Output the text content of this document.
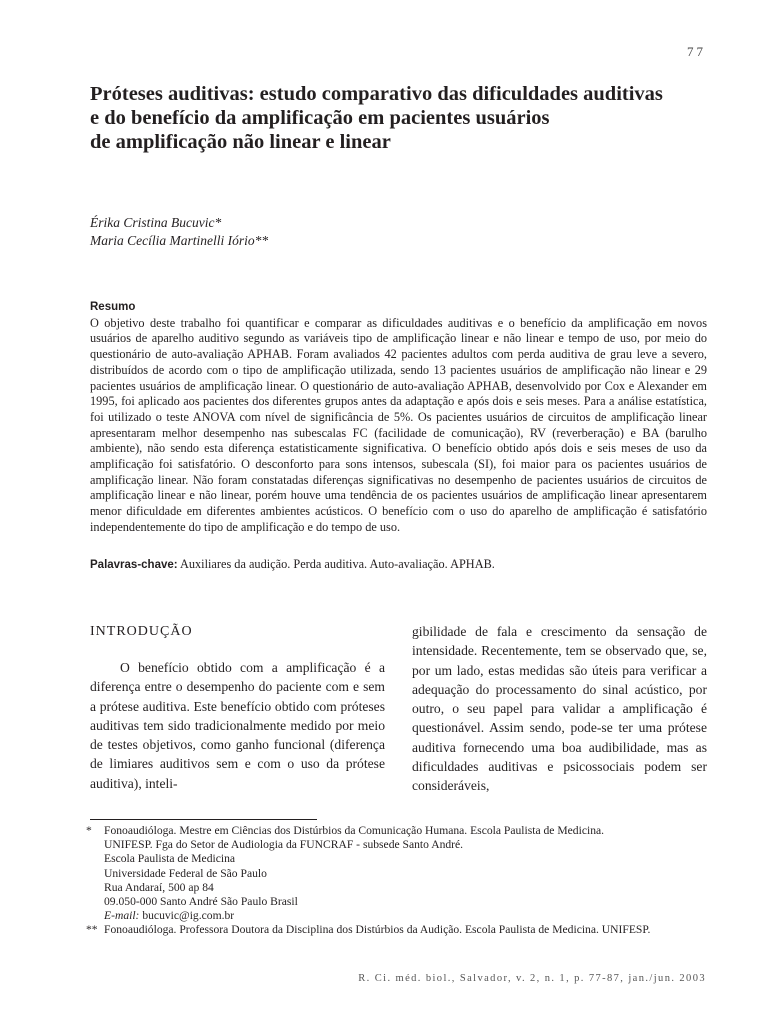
77
Próteses auditivas: estudo comparativo das dificuldades auditivas
e do benefício da amplificação em pacientes usuários
de amplificação não linear e linear
Érika Cristina Bucuvic*
Maria Cecília Martinelli Iório**
Resumo

O objetivo deste trabalho foi quantificar e comparar as dificuldades auditivas e o benefício da amplificação em novos usuários de aparelho auditivo segundo as variáveis tipo de amplificação linear e não linear e tempo de uso, por meio do questionário de auto-avaliação APHAB. Foram avaliados 42 pacientes adultos com perda auditiva de grau leve a severo, distribuídos de acordo com o tipo de amplificação utilizada, sendo 13 pacientes usuários de amplificação não linear e 29 pacientes usuários de amplificação linear. O questionário de auto-avaliação APHAB, desenvolvido por Cox e Alexander em 1995, foi aplicado aos pacientes dos diferentes grupos antes da adaptação e após dois e seis meses. Para a análise estatística, foi utilizado o teste ANOVA com nível de significância de 5%. Os pacientes usuários de circuitos de amplificação linear apresentaram melhor desempenho nas subescalas FC (facilidade de comunicação), RV (reverberação) e BA (barulho ambiente), não sendo esta diferença estatisticamente significativa. O benefício obtido após dois e seis meses de uso da amplificação foi satisfatório. O desconforto para sons intensos, subescala (SI), foi maior para os pacientes usuários de amplificação linear. Não foram constatadas diferenças significativas no desempenho de pacientes usuários de circuitos de amplificação linear e não linear, porém houve uma tendência de os pacientes usuários de amplificação linear apresentarem menor dificuldade em diferentes ambientes acústicos. O benefício com o uso do aparelho de amplificação é satisfatório independentemente do tipo de amplificação e do tempo de uso.

Palavras-chave: Auxiliares da audição. Perda auditiva. Auto-avaliação. APHAB.
INTRODUÇÃO
O benefício obtido com a amplificação é a diferença entre o desempenho do paciente com e sem a prótese auditiva. Este benefício obtido com próteses auditivas tem sido tradicionalmente medido por meio de testes objetivos, como ganho funcional (diferença de limiares auditivos sem e com o uso da prótese auditiva), inteli-
gibilidade de fala e crescimento da sensação de intensidade. Recentemente, tem se observado que, se, por um lado, estas medidas são úteis para verificar a adequação do processamento do sinal acústico, por outro, o seu papel para validar a amplificação é questionável. Assim sendo, pode-se ter uma prótese auditiva fornecendo uma boa audibilidade, mas as dificuldades auditivas e psicossociais podem ser consideráveis,
* Fonoaudióloga. Mestre em Ciências dos Distúrbios da Comunicação Humana. Escola Paulista de Medicina.
UNIFESP. Fga do Setor de Audiologia da FUNCRAF - subsede Santo André.
Escola Paulista de Medicina
Universidade Federal de São Paulo
Rua Andaraí, 500 ap 84
09.050-000 Santo André São Paulo Brasil
E-mail: bucuvic@ig.com.br
** Fonoaudióloga. Professora Doutora da Disciplina dos Distúrbios da Audição. Escola Paulista de Medicina. UNIFESP.
R. Ci. méd. biol., Salvador, v. 2, n. 1, p. 77-87, jan./jun. 2003
